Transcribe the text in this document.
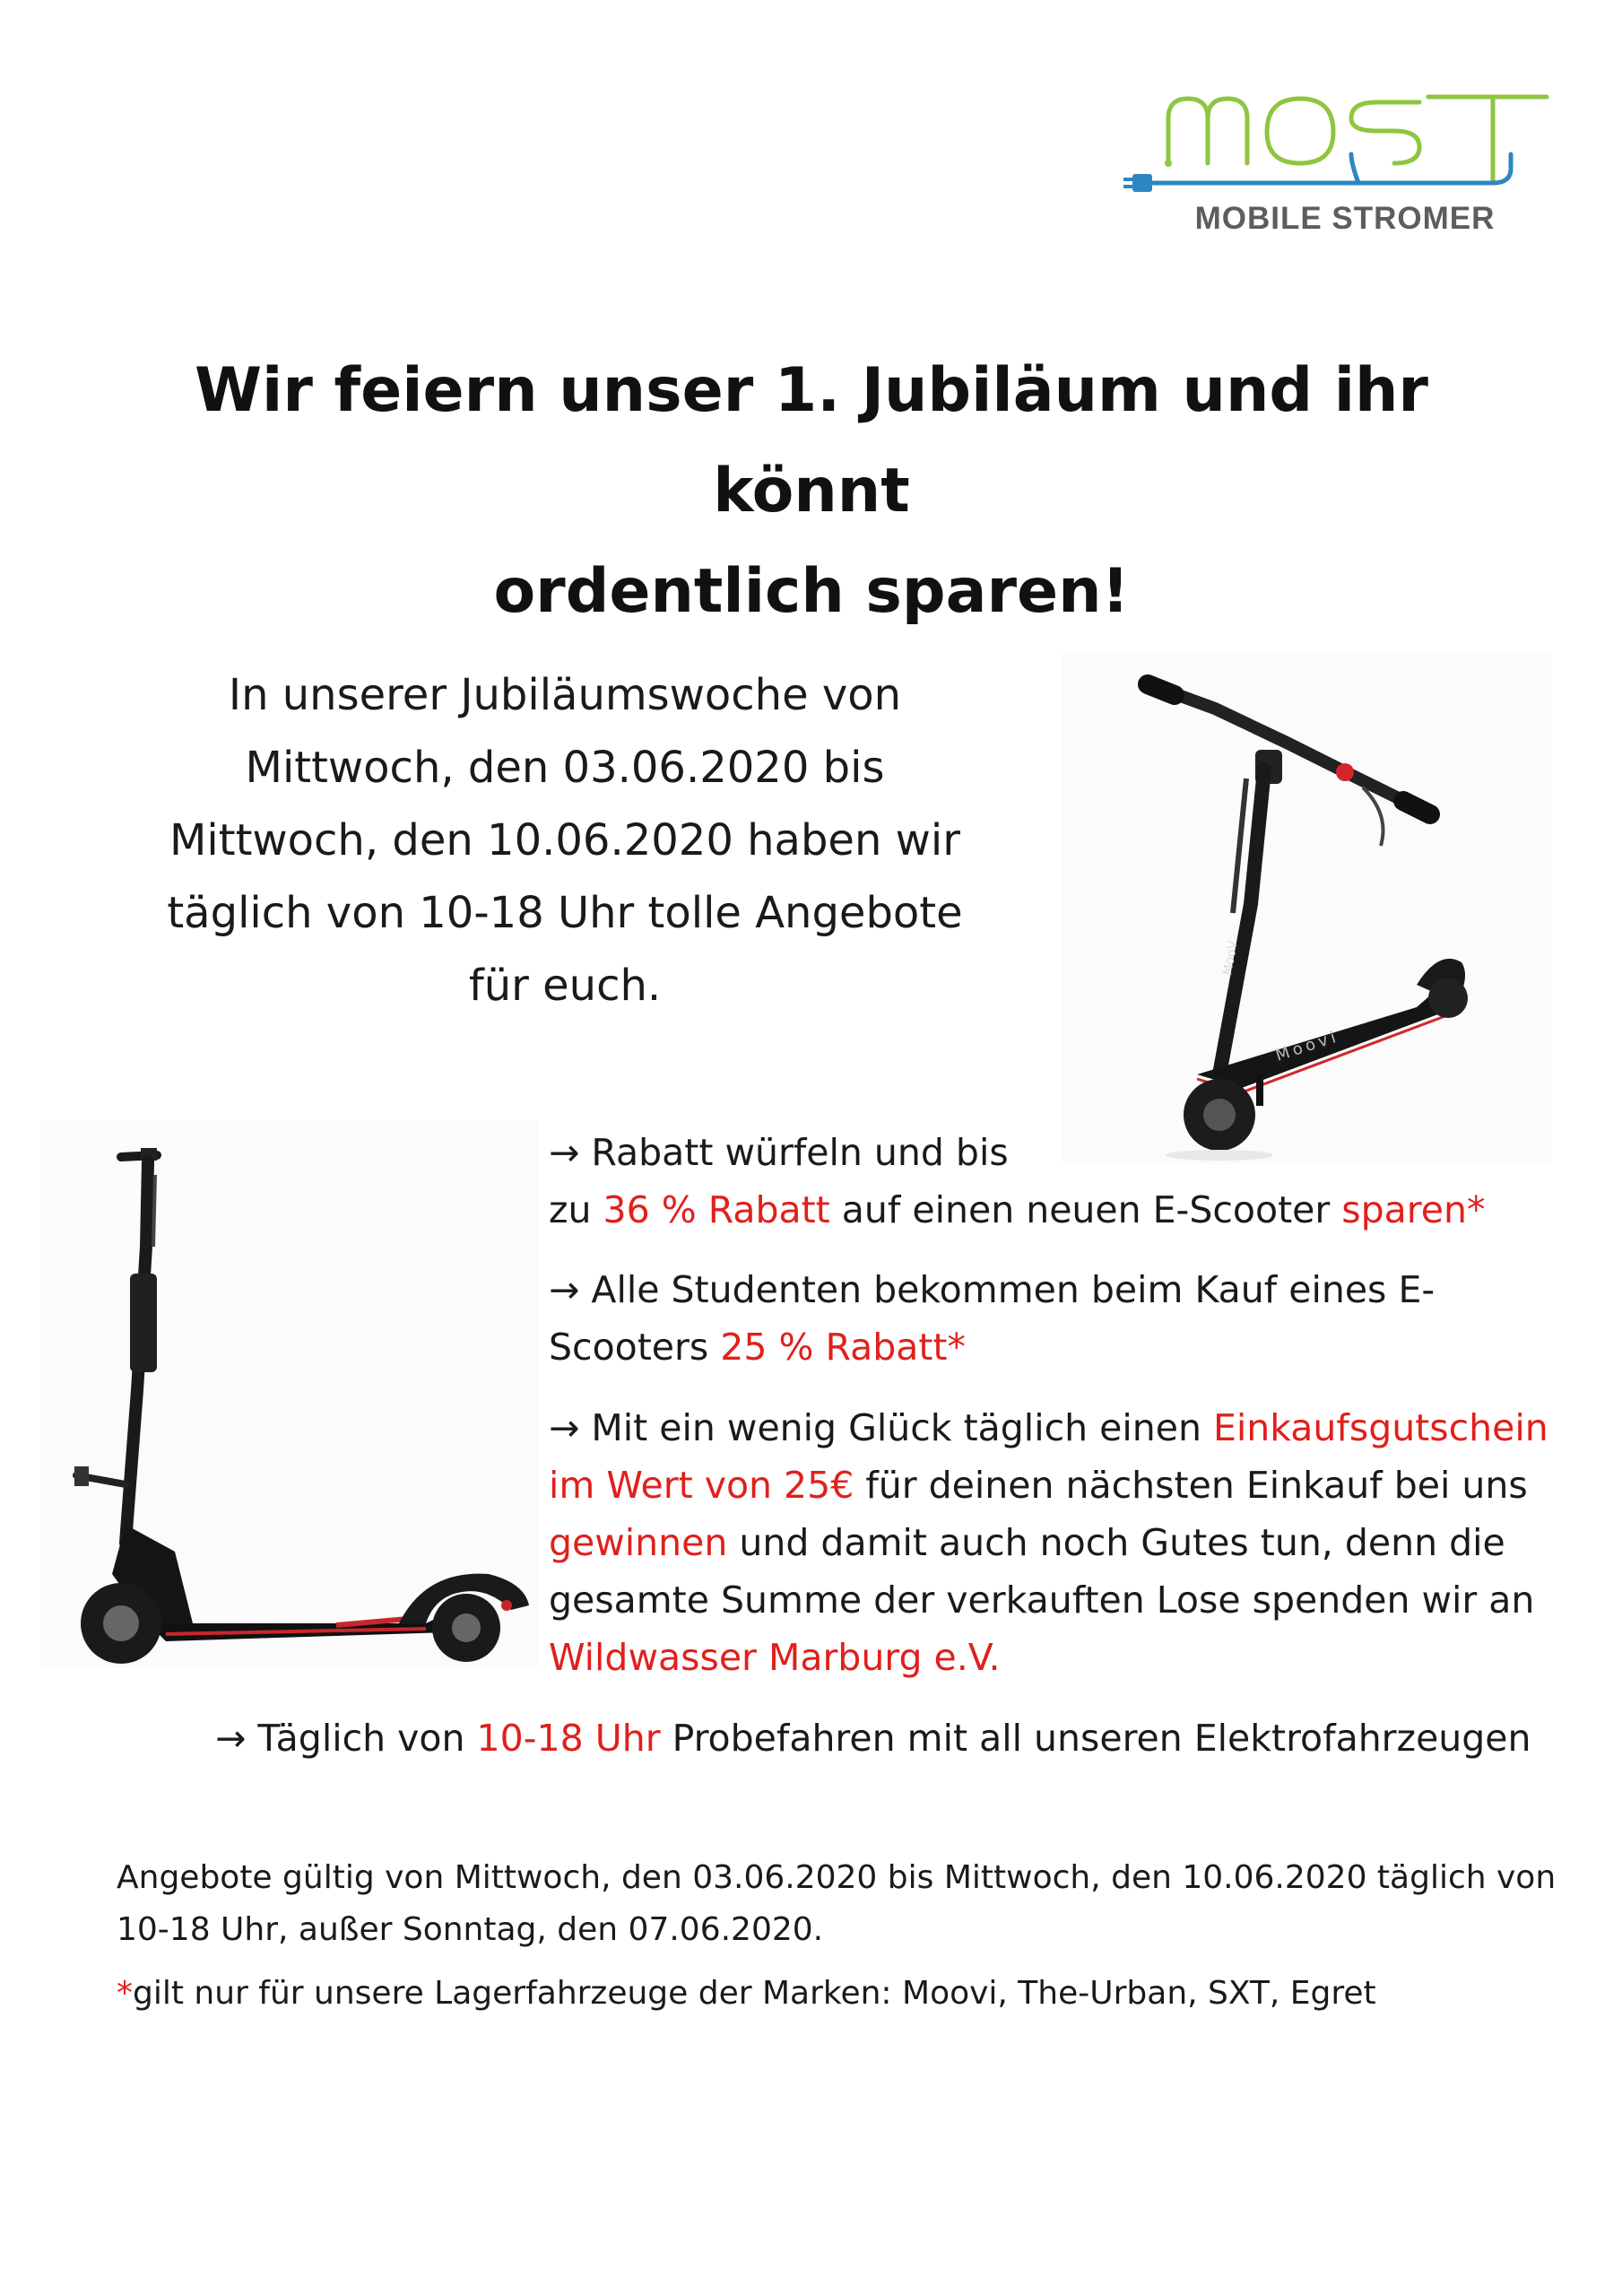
MOBILE STROMER
Wir feiern unser 1. Jubiläum und ihr könnt
ordentlich sparen!
In unserer Jubiläumswoche von
Mittwoch, den 03.06.2020 bis
Mittwoch, den 10.06.2020 haben wir
täglich von 10-18 Uhr tolle Angebote
für euch.
MooV
Moovi

→ Rabatt würfeln und bis

zu 36 % Rabatt auf einen neuen E-Scooter sparen*

→ Alle Studenten bekommen beim Kauf eines E-

Scooters 25 % Rabatt*

→ Mit ein wenig Glück täglich einen Einkaufsgutschein

im Wert von 25€ für deinen nächsten Einkauf bei uns

gewinnen und damit auch noch Gutes tun, denn die

gesamte Summe der verkauften Lose spenden wir an

Wildwasser Marburg e.V.

→ Täglich von 10-18 Uhr Probefahren mit all unseren Elektrofahrzeugen

Angebote gültig von Mittwoch, den 03.06.2020 bis Mittwoch, den 10.06.2020 täglich von
10-18 Uhr, außer Sonntag, den 07.06.2020.
*gilt nur für unsere Lagerfahrzeuge der Marken: Moovi, The-Urban, SXT, Egret
